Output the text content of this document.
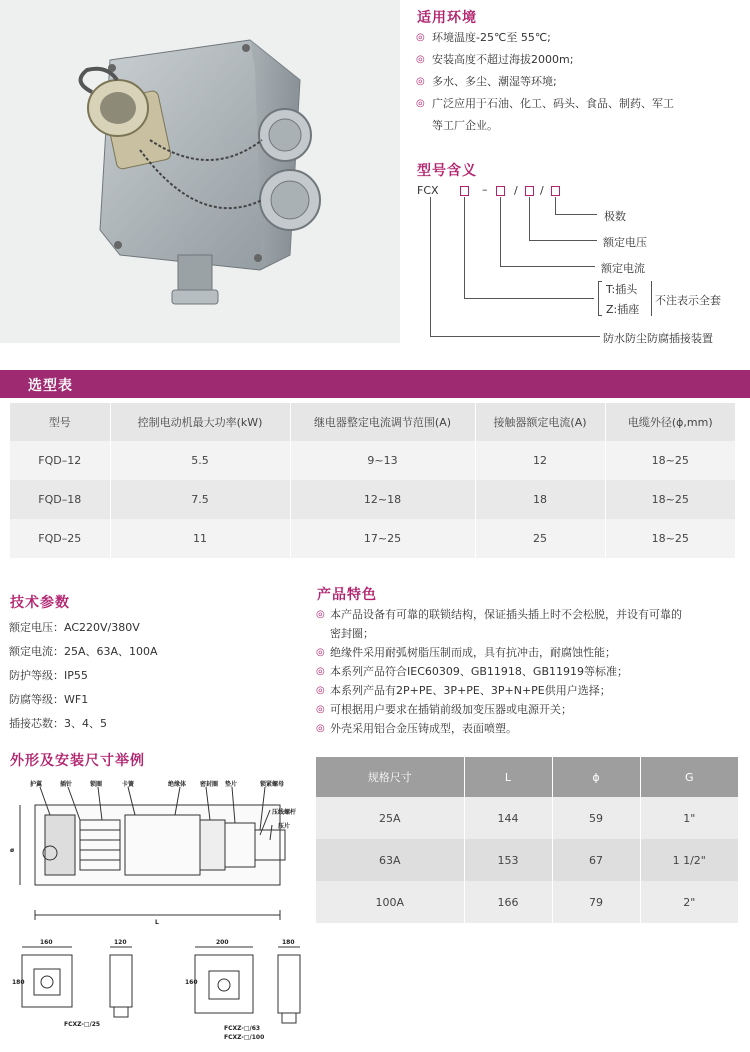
适用环境
◎ 环境温度-25℃至 55℃;
◎ 安装高度不超过海拔2000m;
◎ 多水、多尘、潮湿等环境;
◎ 广泛应用于石油、化工、码头、食品、制药、军工
等工厂企业。
型号含义
FCX	– / /
极数
额定电压
额定电流
T:插头
Z:插座
不注表示全套
防水防尘防腐插接装置
选型表
型号	控制电动机最大功率(kW)	继电器整定电流调节范围(A)	接触器额定电流(A)	电缆外径(ϕ,mm)
FQD–12	5.5	9~13	12	18~25
FQD–18	7.5	12~18	18	18~25
FQD–25	11	17~25	25	18~25
技术参数
额定电压：AC220V/380V
额定电流：25A、63A、100A
防护等级：IP55
防腐等级：WF1
插接芯数：3、4、5
产品特色
◎ 本产品设备有可靠的联锁结构，保证插头插上时不会松脱，并设有可靠的
密封圈；
◎ 绝缘件采用耐弧树脂压制而成，具有抗冲击，耐腐蚀性能；
◎ 本系列产品符合IEC60309、GB11918、GB11919等标准；
◎ 本系列产品有2P+PE、3P+PE、3P+N+PE供用户选择；
◎ 可根据用户要求在插销前级加变压器或电源开关；
◎ 外壳采用铝合金压铸成型，表面喷塑。
外形及安装尺寸举例
护翼	插针	锁圈	卡簧	绝缘体 密封圈 垫片	锁紧螺母
压线螺杆
压片
ø
L
160	120	200	180
180	160
FCXZ-□/25
FCXZ-□/63
FCXZ-□/100
规格尺寸	L	ϕ	G
25A	144	59	1"
63A	153	67	1 1/2"
100A	166	79	2"
